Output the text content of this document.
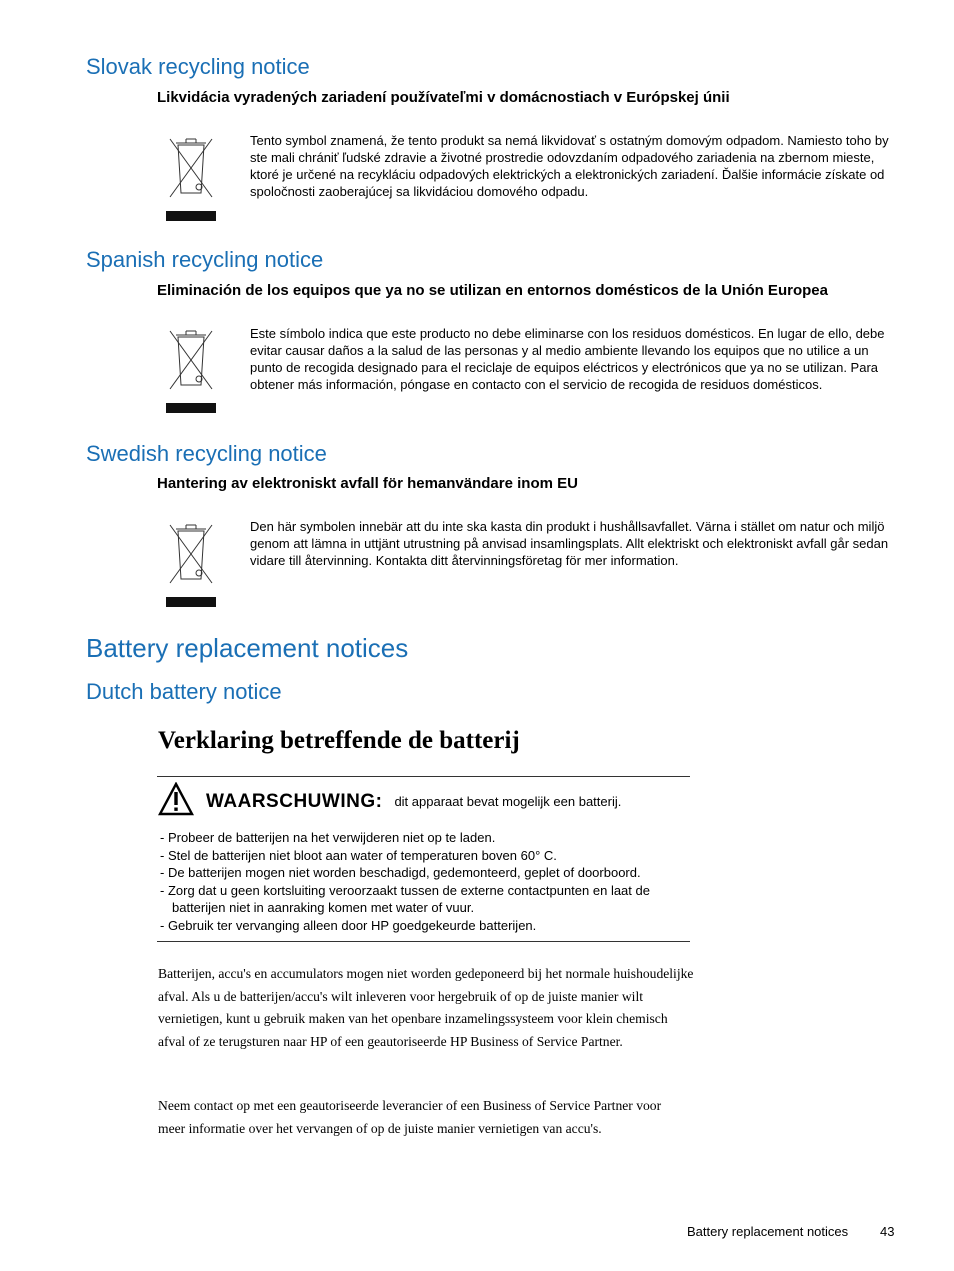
Slovak recycling notice
Likvidácia vyradených zariadení používateľmi v domácnostiach v Európskej únii

Tento symbol znamená, že tento produkt sa nemá likvidovať s ostatným domovým odpadom. Namiesto toho by ste mali chrániť ľudské zdravie a životné prostredie odovzdaním odpadového zariadenia na zbernom mieste, ktoré je určené na recykláciu odpadových elektrických a elektronických zariadení. Ďalšie informácie získate od spoločnosti zaoberajúcej sa likvidáciou domového odpadu.

Spanish recycling notice
Eliminación de los equipos que ya no se utilizan en entornos domésticos de la Unión Europea

Este símbolo indica que este producto no debe eliminarse con los residuos domésticos. En lugar de ello, debe evitar causar daños a la salud de las personas y al medio ambiente llevando los equipos que no utilice a un punto de recogida designado para el reciclaje de equipos eléctricos y electrónicos que ya no se utilizan. Para obtener más información, póngase en contacto con el servicio de recogida de residuos domésticos.

Swedish recycling notice
Hantering av elektroniskt avfall för hemanvändare inom EU

Den här symbolen innebär att du inte ska kasta din produkt i hushållsavfallet. Värna i stället om natur och miljö genom att lämna in uttjänt utrustning på anvisad insamlingsplats. Allt elektriskt och elektroniskt avfall går sedan vidare till återvinning. Kontakta ditt återvinningsföretag för mer information.

Battery replacement notices
Dutch battery notice
Verklaring betreffende de batterij
WAARSCHUWING: dit apparaat bevat mogelijk een batterij.
- Probeer de batterijen na het verwijderen niet op te laden.
- Stel de batterijen niet bloot aan water of temperaturen boven 60° C.
- De batterijen mogen niet worden beschadigd, gedemonteerd, geplet of doorboord.
- Zorg dat u geen kortsluiting veroorzaakt tussen de externe contactpunten en laat de batterijen niet in aanraking komen met water of vuur.
- Gebruik ter vervanging alleen door HP goedgekeurde batterijen.

Batterijen, accu's en accumulators mogen niet worden gedeponeerd bij het normale huishoudelijke afval. Als u de batterijen/accu's wilt inleveren voor hergebruik of op de juiste manier wilt vernietigen, kunt u gebruik maken van het openbare inzamelingssysteem voor klein chemisch afval of ze terugsturen naar HP of een geautoriseerde HP Business of Service Partner.

Neem contact op met een geautoriseerde leverancier of een Business of Service Partner voor meer informatie over het vervangen of op de juiste manier vernietigen van accu's.

Battery replacement notices 43
